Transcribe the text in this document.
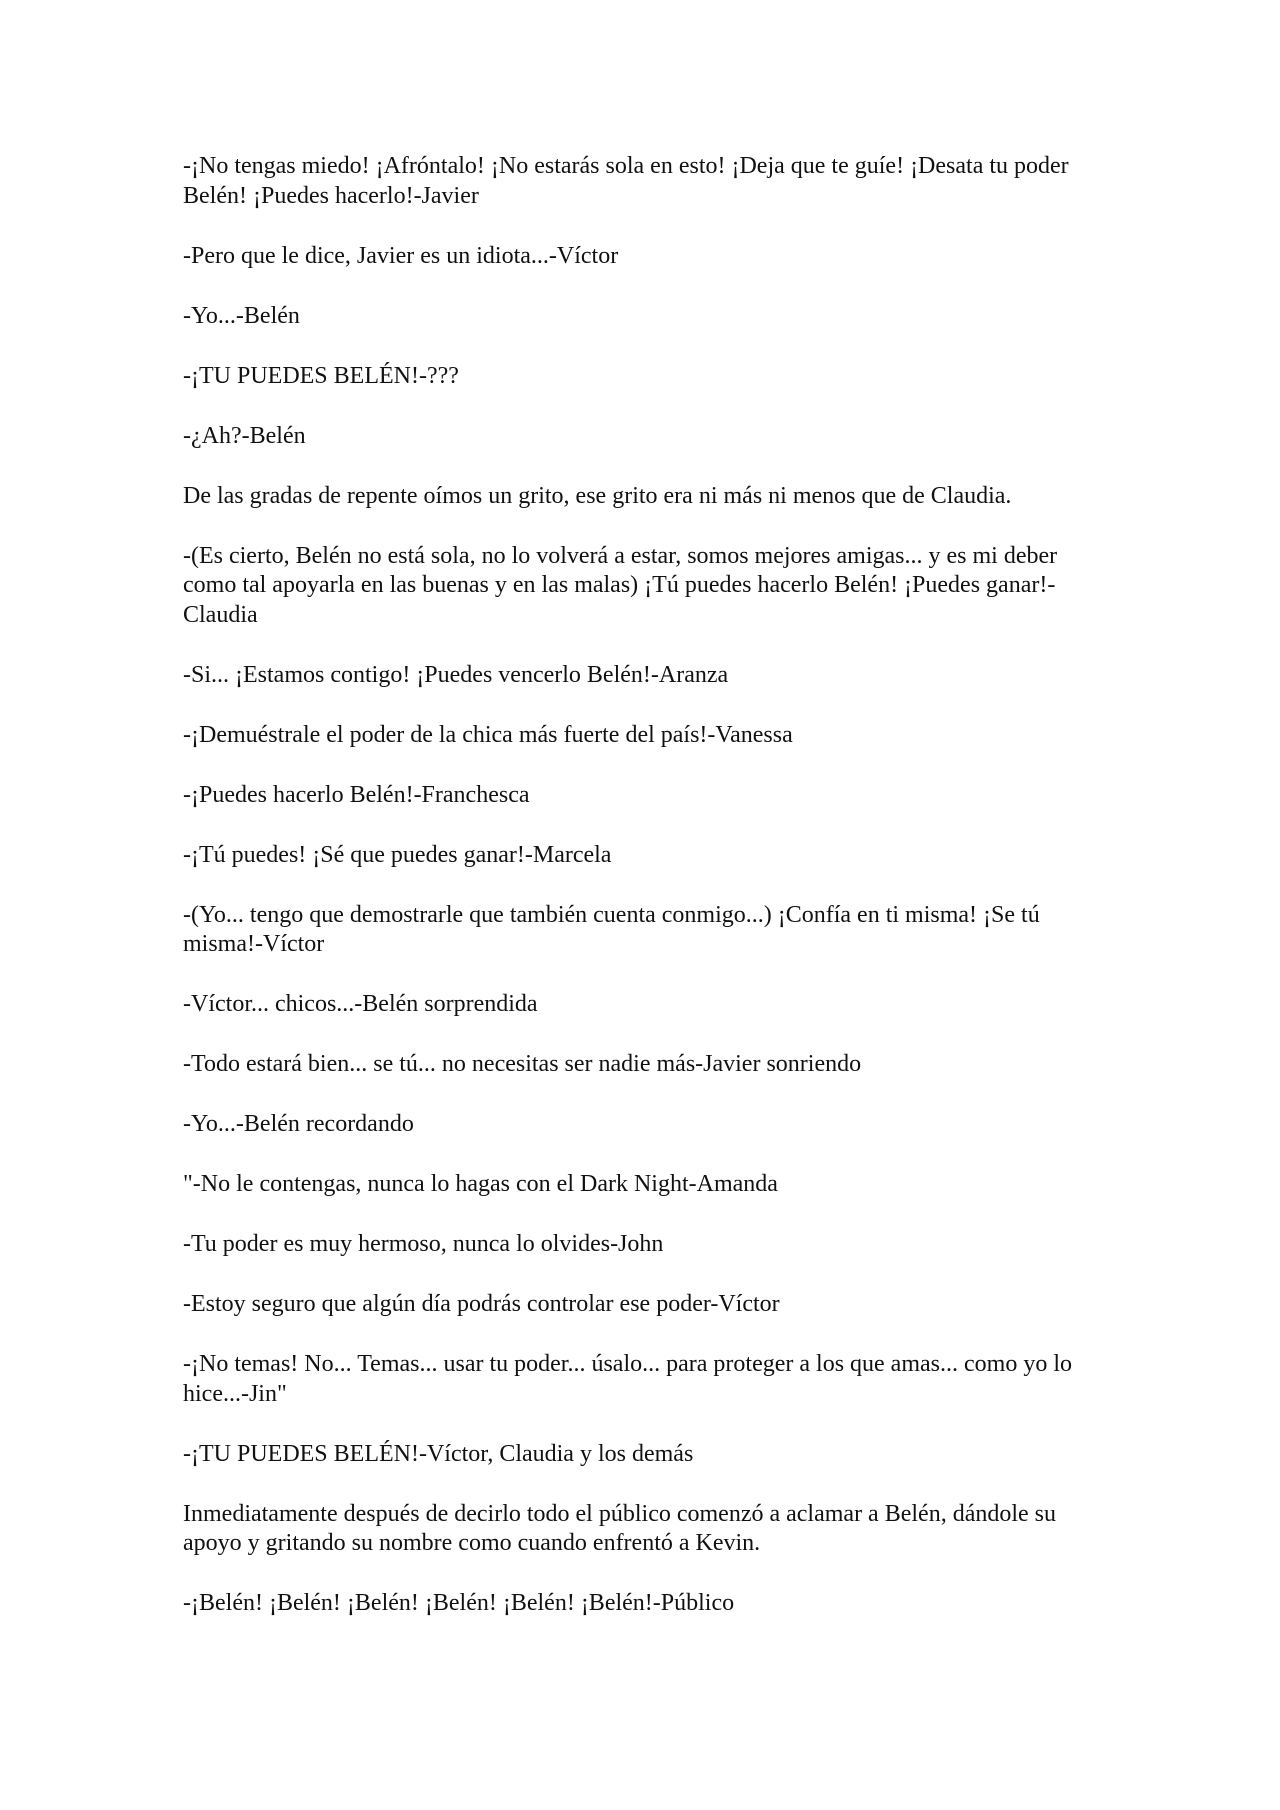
-¡No tengas miedo! ¡Afróntalo! ¡No estarás sola en esto! ¡Deja que te guíe! ¡Desata tu poder Belén! ¡Puedes hacerlo!-Javier

-Pero que le dice, Javier es un idiota...-Víctor

-Yo...-Belén

-¡TU PUEDES BELÉN!-???

-¿Ah?-Belén

De las gradas de repente oímos un grito, ese grito era ni más ni menos que de Claudia.

-(Es cierto, Belén no está sola, no lo volverá a estar, somos mejores amigas... y es mi deber como tal apoyarla en las buenas y en las malas) ¡Tú puedes hacerlo Belén! ¡Puedes ganar!-Claudia

-Si... ¡Estamos contigo! ¡Puedes vencerlo Belén!-Aranza

-¡Demuéstrale el poder de la chica más fuerte del país!-Vanessa

-¡Puedes hacerlo Belén!-Franchesca

-¡Tú puedes! ¡Sé que puedes ganar!-Marcela

-(Yo... tengo que demostrarle que también cuenta conmigo...) ¡Confía en ti misma! ¡Se tú misma!-Víctor

-Víctor... chicos...-Belén sorprendida

-Todo estará bien... se tú... no necesitas ser nadie más-Javier sonriendo

-Yo...-Belén recordando

"-No le contengas, nunca lo hagas con el Dark Night-Amanda

-Tu poder es muy hermoso, nunca lo olvides-John

-Estoy seguro que algún día podrás controlar ese poder-Víctor

-¡No temas! No... Temas... usar tu poder... úsalo... para proteger a los que amas... como yo lo hice...-Jin"

-¡TU PUEDES BELÉN!-Víctor, Claudia y los demás

Inmediatamente después de decirlo todo el público comenzó a aclamar a Belén, dándole su apoyo y gritando su nombre como cuando enfrentó a Kevin.

-¡Belén! ¡Belén! ¡Belén! ¡Belén! ¡Belén! ¡Belén!-Público
